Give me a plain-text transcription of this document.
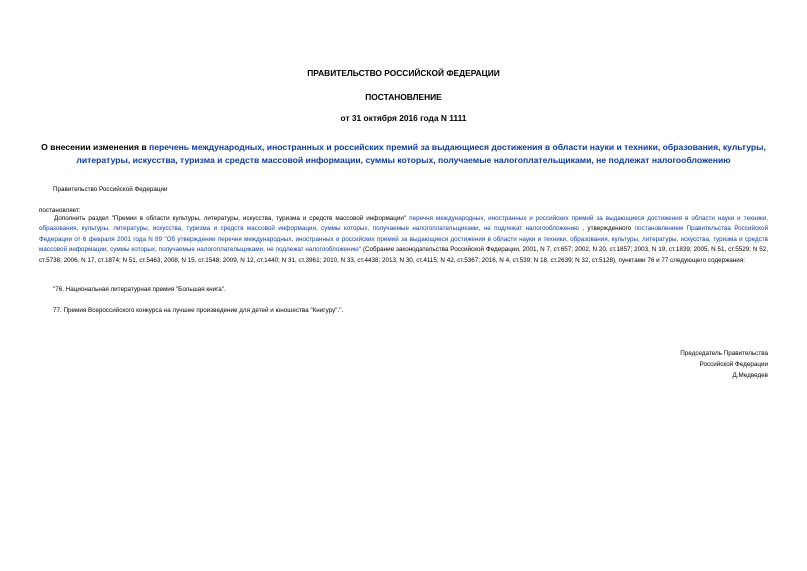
ПРАВИТЕЛЬСТВО РОССИЙСКОЙ ФЕДЕРАЦИИ
ПОСТАНОВЛЕНИЕ
от 31 октября 2016 года N 1111
О внесении изменения в перечень международных, иностранных и российских премий за выдающиеся достижения в области науки и техники, образования, культуры, литературы, искусства, туризма и средств массовой информации, суммы которых, получаемые налогоплательщиками, не подлежат налогообложению
Правительство Российской Федерации
постановляет:
Дополнить раздел "Премии в области культуры, литературы, искусства, туризма и средств массовой информации" перечня международных, иностранных и российских премий за выдающиеся достижения в области науки и техники, образования, культуры, литературы, искусства, туризма и средств массовой информации, суммы которых, получаемые налогоплательщиками, не подлежат налогообложению , утвержденного постановлением Правительства Российской Федерации от 6 февраля 2001 года N 89 "Об утверждении перечня международных, иностранных и российских премий за выдающиеся достижения в области науки и техники, образования, культуры, литературы, искусства, туризма и средств массовой информации, суммы которых, получаемые налогоплательщиками, не подлежат налогообложению" (Собрание законодательства Российской Федерации, 2001, N 7, ст.657; 2002, N 20, ст.1857; 2003, N 19, ст.1839; 2005, N 51, ст.5529; N 52, ст.5738; 2006, N 17, ст.1874; N 51, ст.5463; 2008, N 15, ст.1548; 2009, N 12, ст.1440; N 31, ст.3961; 2010, N 33, ст.4438; 2013, N 30, ст.4115; N 42, ст.5367; 2016, N 4, ст.539; N 18, ст.2639; N 32, ст.5128), пунктами 76 и 77 следующего содержания:
"76. Национальная литературная премия "Большая книга".
77. Премия Всероссийского конкурса на лучшее произведение для детей и юношества "Книгуру".".
Председатель Правительства
Российской Федерации
Д.Медведев
